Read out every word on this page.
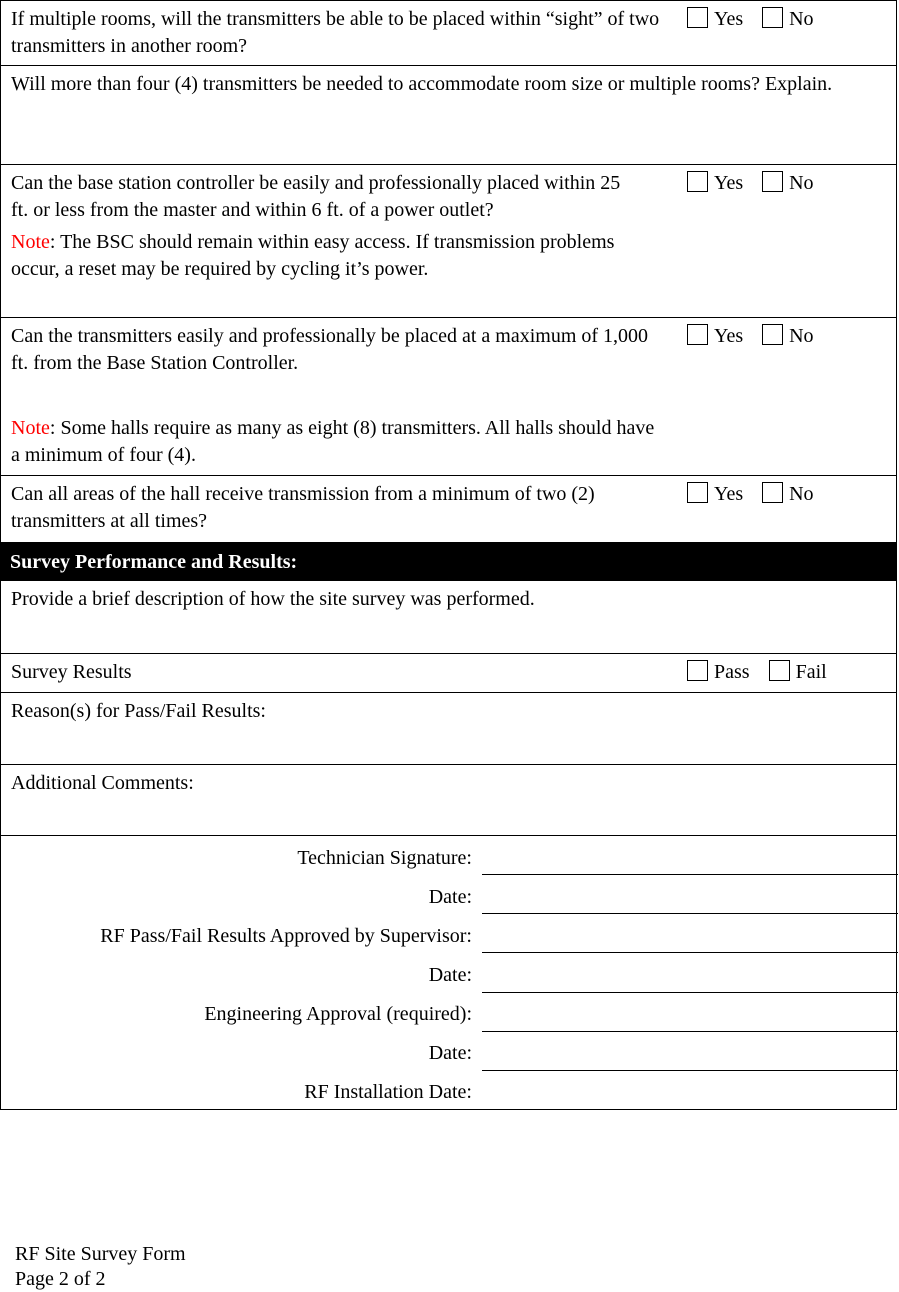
If multiple rooms, will the transmitters be able to be placed within “sight” of two transmitters in another room?
Yes No
Will more than four (4) transmitters be needed to accommodate room size or multiple rooms? Explain.
Can the base station controller be easily and professionally placed within 25 ft. or less from the master and within 6 ft. of a power outlet?
Note: The BSC should remain within easy access. If transmission problems occur, a reset may be required by cycling it’s power.
Yes No
Can the transmitters easily and professionally be placed at a maximum of 1,000 ft. from the Base Station Controller.
Note: Some halls require as many as eight (8) transmitters. All halls should have a minimum of four (4).
Yes No
Can all areas of the hall receive transmission from a minimum of two (2) transmitters at all times?
Yes No
Survey Performance and Results:
Provide a brief description of how the site survey was performed.
Survey Results	Pass Fail
Reason(s) for Pass/Fail Results:
Additional Comments:
Technician Signature:
Date:
RF Pass/Fail Results Approved by Supervisor:
Date:
Engineering Approval (required):
Date:
RF Installation Date:
RF Site Survey Form
Page 2 of 2
